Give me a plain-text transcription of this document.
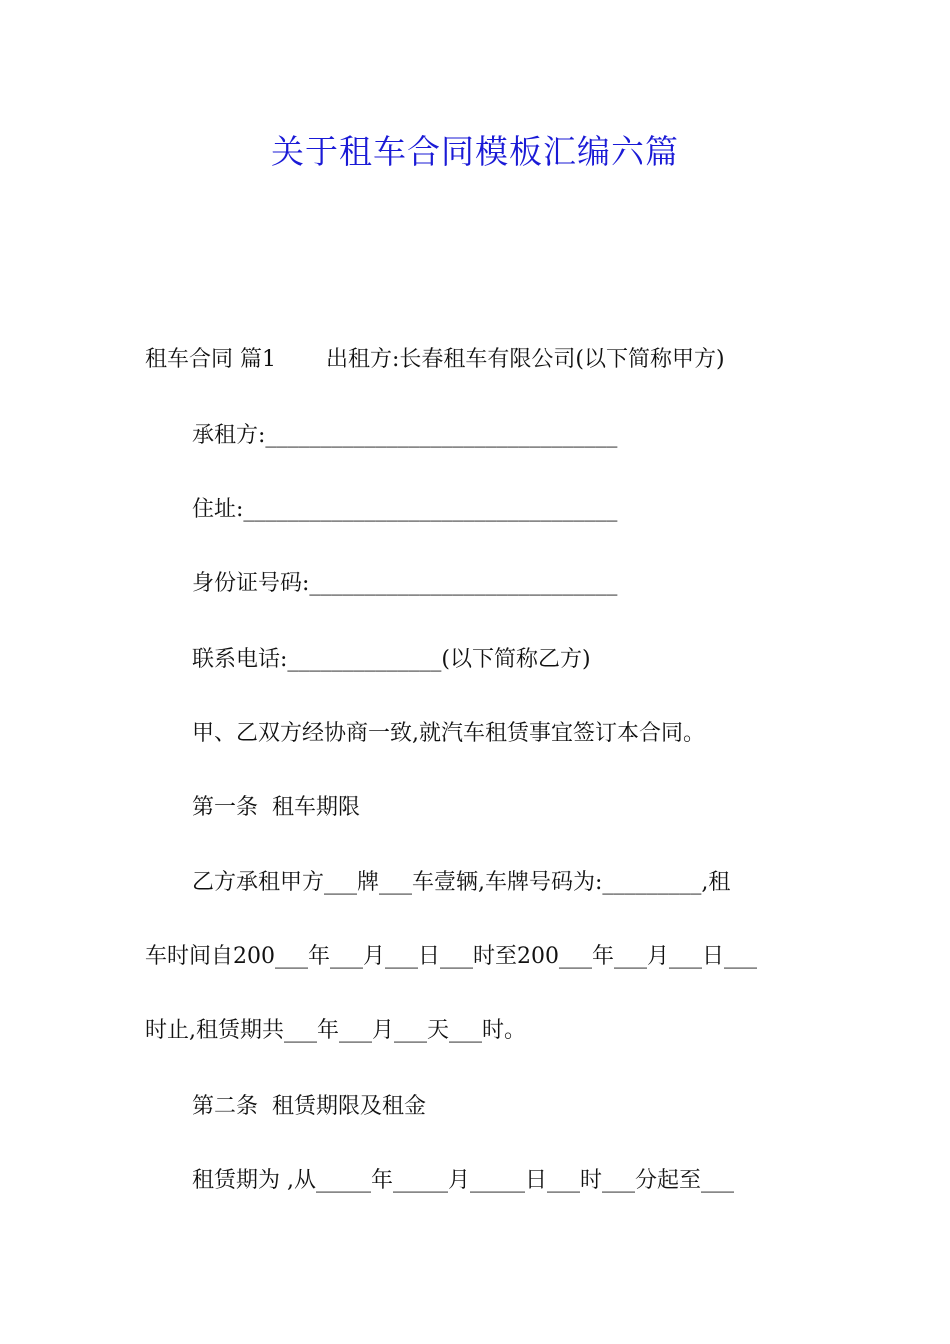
关于租车合同模板汇编六篇

租车合同 篇1 出租方:长春租车有限公司(以下简称甲方)

承租方:________________________________

住址:__________________________________

身份证号码:____________________________

联系电话:______________(以下简称乙方)

甲、乙双方经协商一致,就汽车租赁事宜签订本合同。

第一条  租车期限

乙方承租甲方___牌___车壹辆,车牌号码为:_________,租

车时间自200___年___月___日___时至200___年___月___日___

时止,租赁期共___年___月___天___时。

第二条  租赁期限及租金

租赁期为 ,从_____年_____月_____日___时___分起至___
